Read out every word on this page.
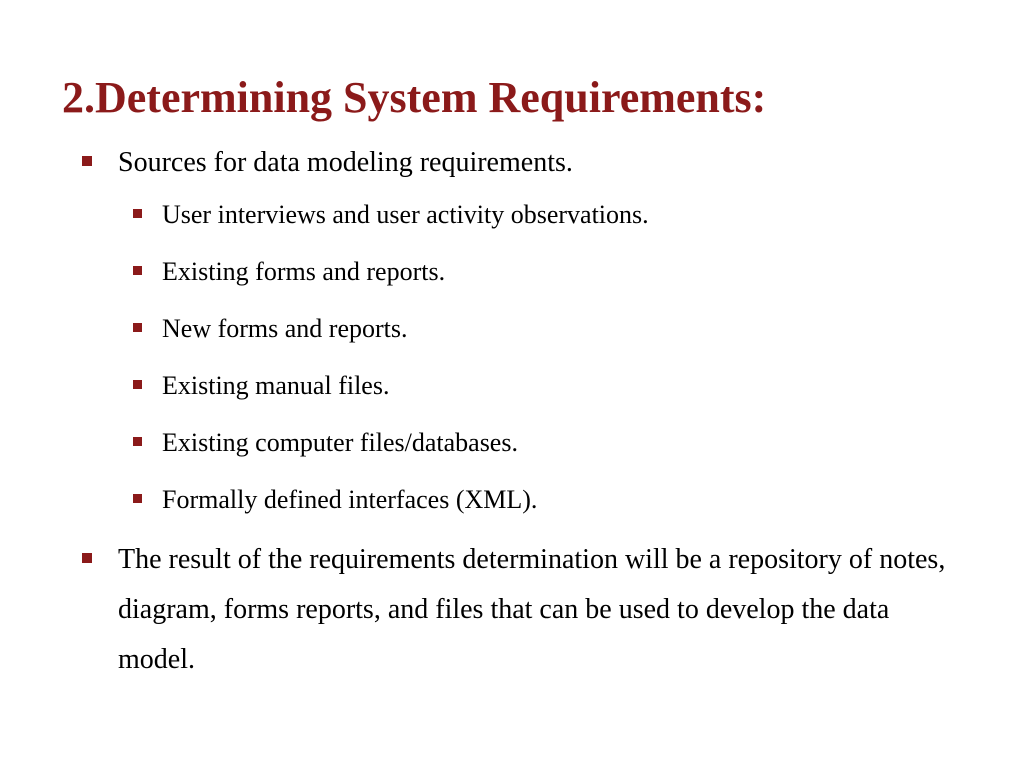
2.Determining System Requirements:
Sources for data modeling requirements.
User interviews and user activity observations.
Existing forms and reports.
New forms and reports.
Existing manual files.
Existing computer files/databases.
Formally defined interfaces (XML).
The result of the requirements determination will be a repository of notes, diagram, forms reports, and files that can be used to develop the data model.
